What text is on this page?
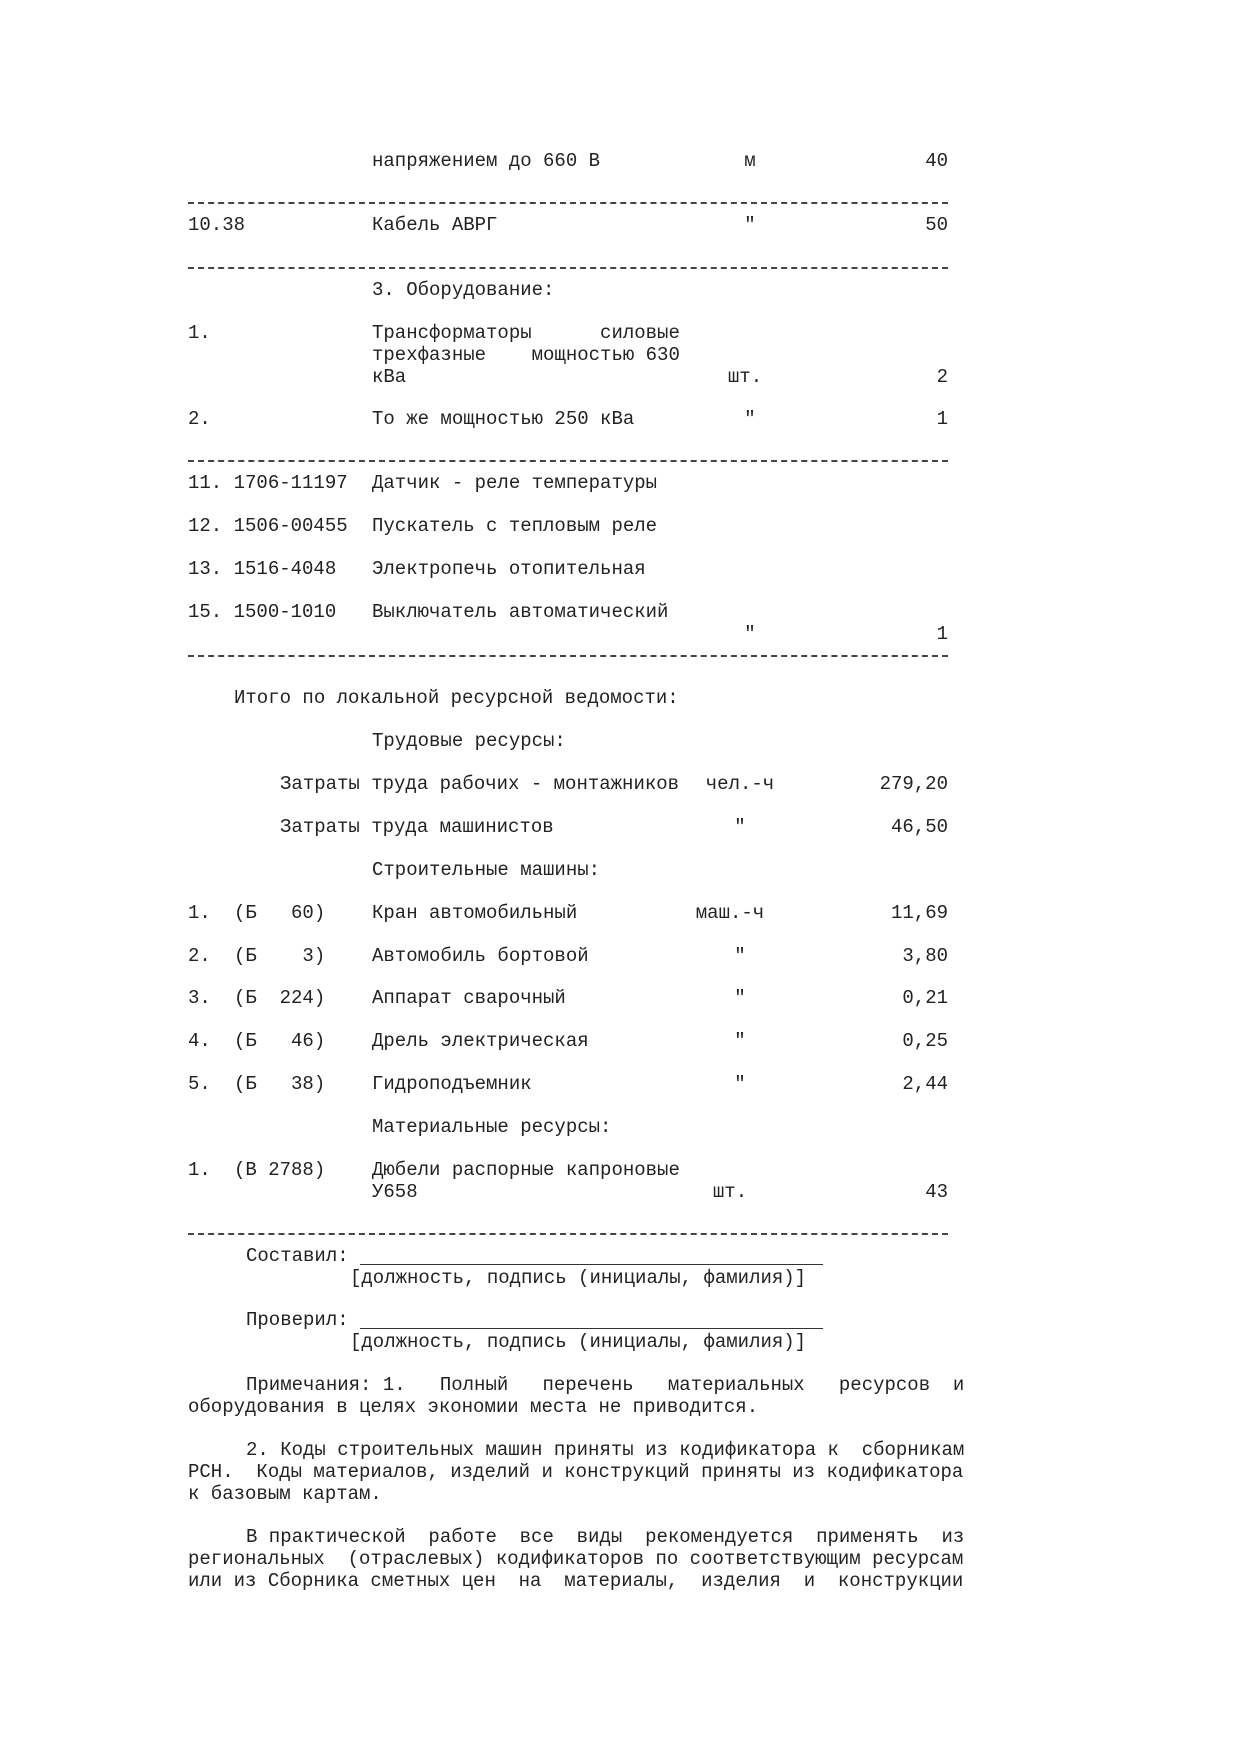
напряжением до 660 В	м	40
10.38	Кабель АВРГ	"	50
3. Оборудование:
1.	Трансформаторы      силовые
трехфазные    мощностью 630
кВа	шт.	2
2.	То же мощностью 250 кВа	"	1
11. 1706-11197 Датчик - реле температуры
12. 1506-00455 Пускатель с тепловым реле
13. 1516-4048 Электропечь отопительная
15. 1500-1010 Выключатель автоматический
"	1
Итого по локальной ресурсной ведомости:
Трудовые ресурсы:
Затраты труда рабочих - монтажников	чел.-ч	279,20
Затраты труда машинистов	"	46,50
Строительные машины:
1. (Б   60) Кран автомобильный	маш.-ч	11,69
2. (Б    3) Автомобиль бортовой	"	3,80
3. (Б  224) Аппарат сварочный	"	0,21
4. (Б   46) Дрель электрическая	"	0,25
5. (Б   38) Гидроподъемник	"	2,44
Материальные ресурсы:
1. (В 2788) Дюбели распорные капроновые
У658	шт.	43
Составил:
[должность, подпись (инициалы, фамилия)]
Проверил:
[должность, подпись (инициалы, фамилия)]
Примечания: 1.   Полный   перечень   материальных   ресурсов  и
оборудования в целях экономии места не приводится.
2. Коды строительных машин приняты из кодификатора к  сборникам
РСН.  Коды материалов, изделий и конструкций приняты из кодификатора
к базовым картам.
В практической  работе  все  виды  рекомендуется  применять  из
региональных  (отраслевых) кодификаторов по соответствующим ресурсам
или из Сборника сметных цен  на  материалы,  изделия  и  конструкции
